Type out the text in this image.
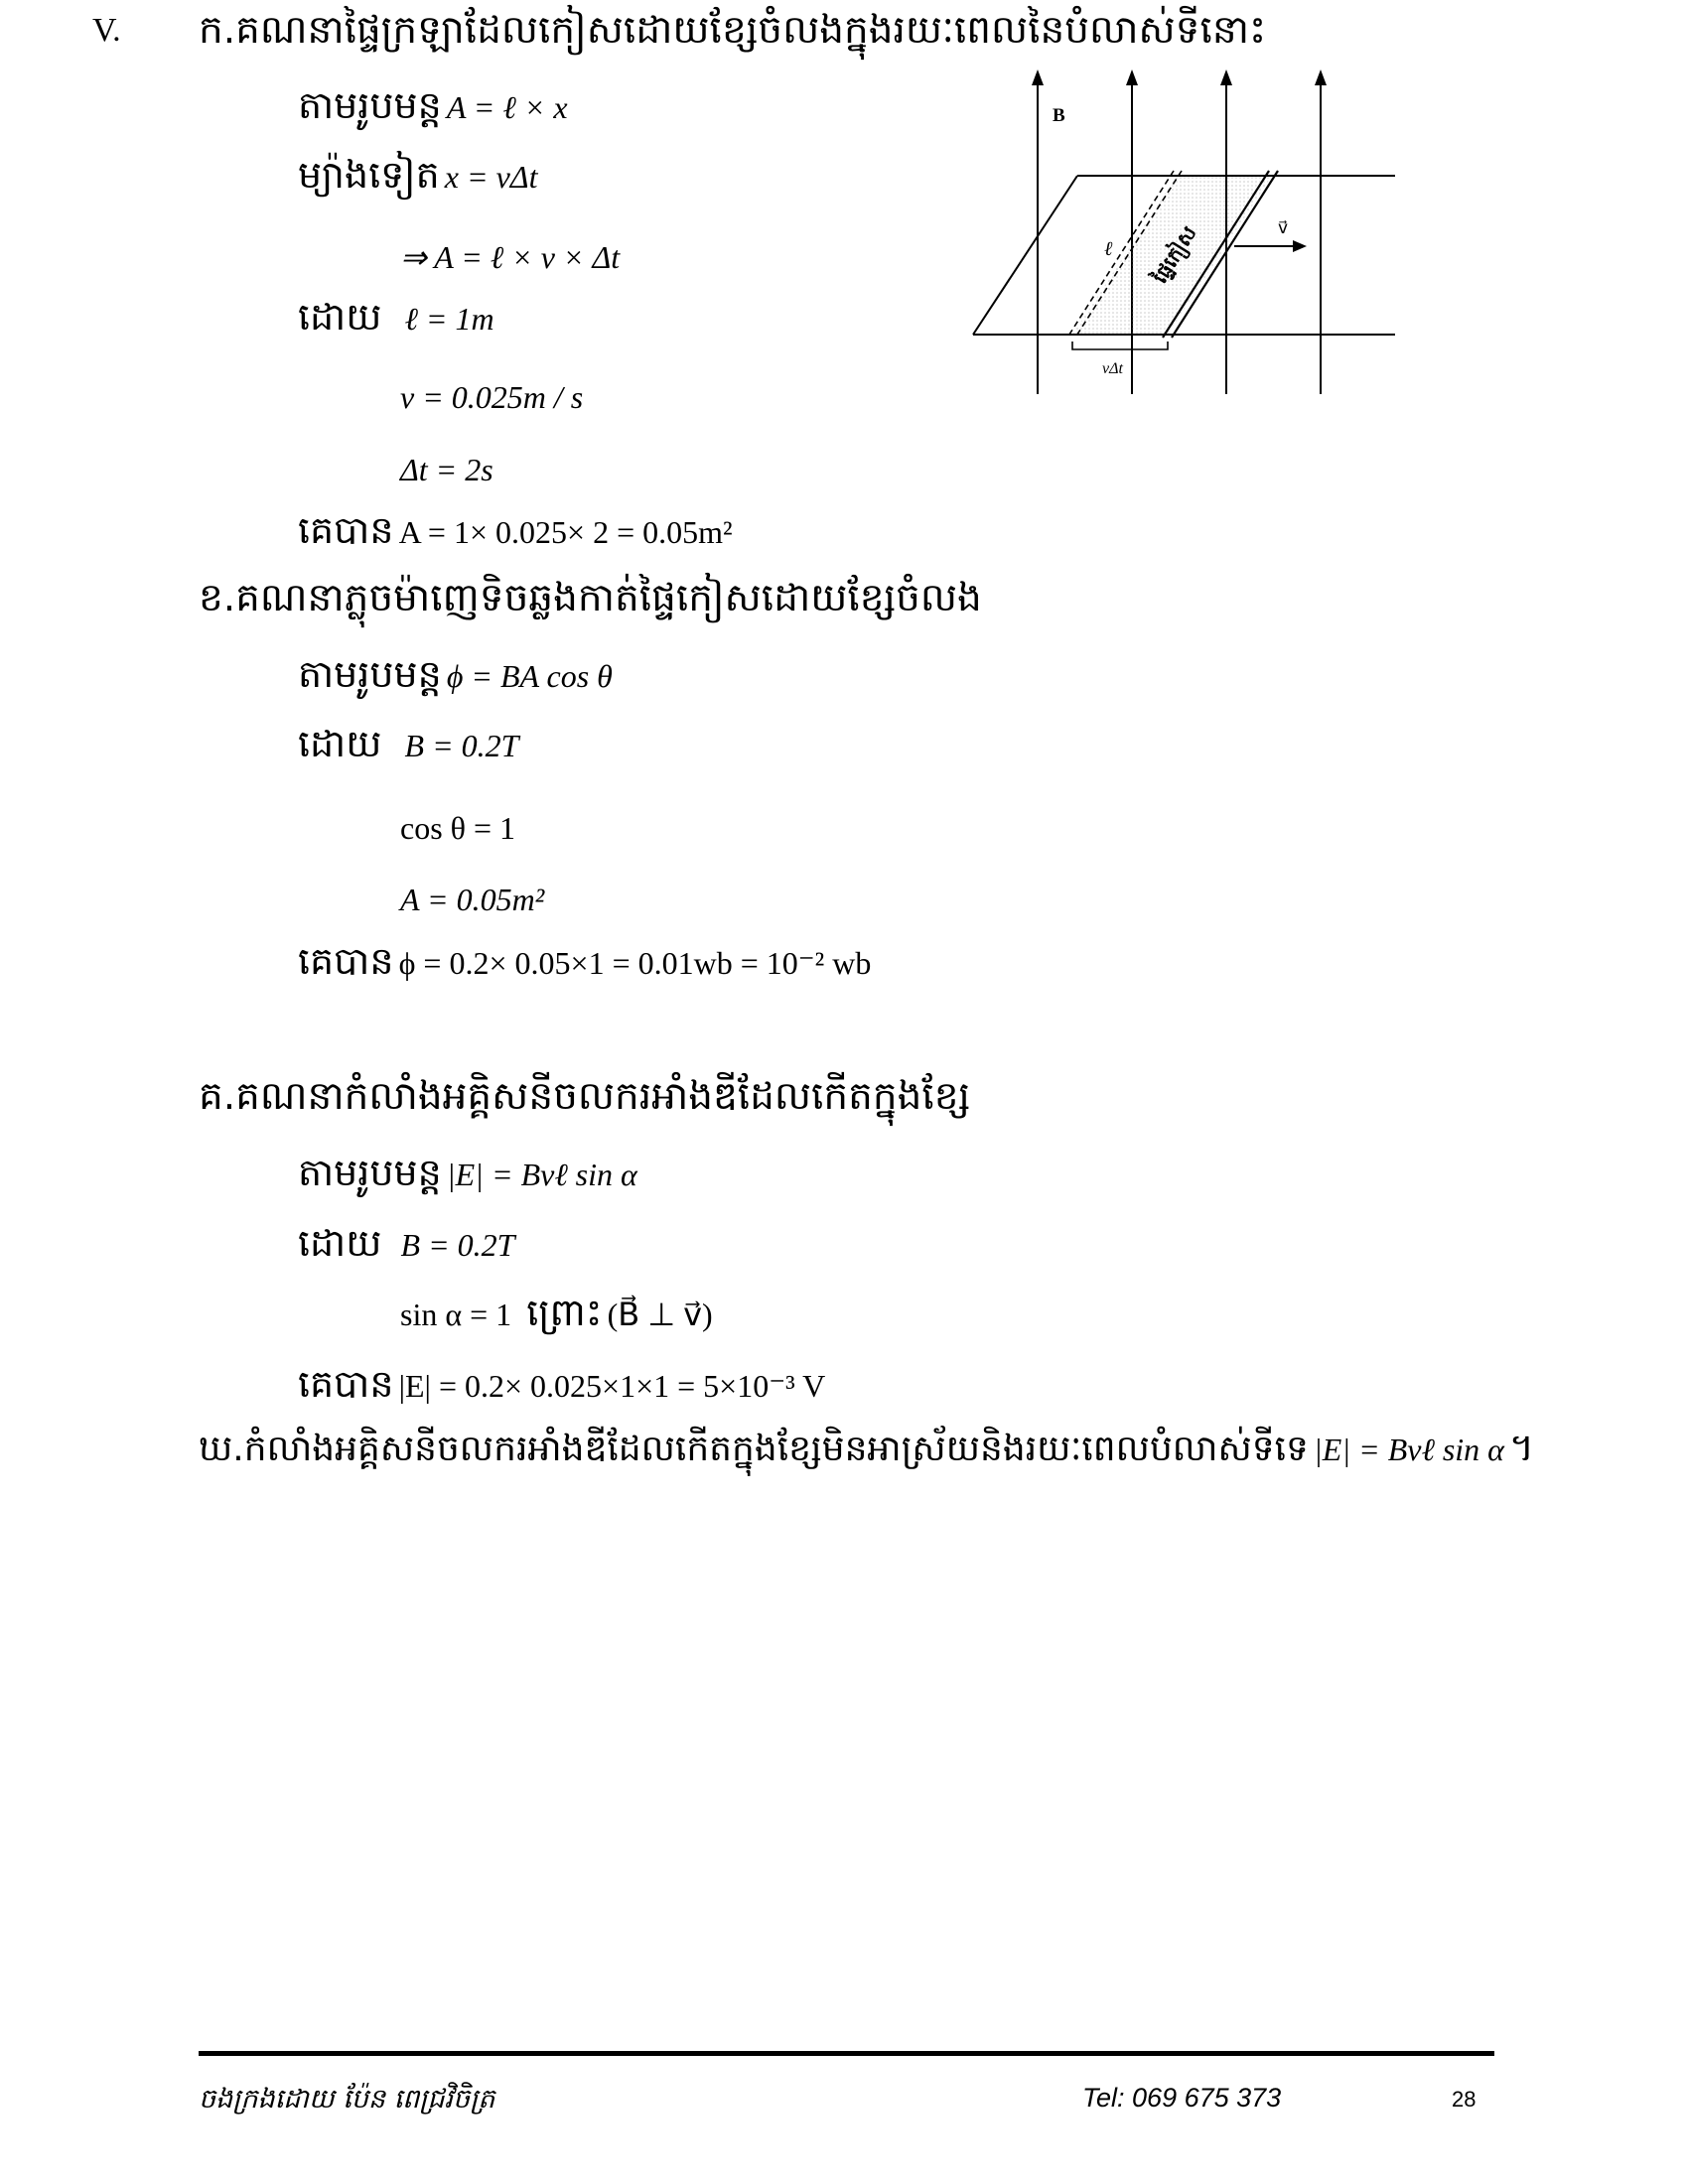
V. ក.គណនាផ្ទៃក្រឡាដែលកៀសដោយខ្សែចំលងក្នុងរយៈពេលនៃបំលាស់ទីនោះ
តាមរូបមន្ត A = ℓ × x
ម្យ៉ាងទៀត x = vΔt
⇒ A = ℓ × v × Δt
ដោយ ℓ = 1m
v = 0.025m / s
Δt = 2s
គេបាន A = 1× 0.025× 2 = 0.05m²
ខ.គណនាភ្លុចម៉ាញេទិចឆ្លងកាត់ផ្ទៃកៀសដោយខ្សែចំលង
តាមរូបមន្ត ϕ = BA cos θ
ដោយ B = 0.2T
cos θ = 1
A = 0.05m²
គេបាន ϕ = 0.2× 0.05×1 = 0.01wb = 10⁻² wb
គ.គណនាកំលាំងអគ្គិសនីចលករអាំងឌីដែលកើតក្នុងខ្សែ
តាមរូបមន្ត |E| = Bvℓ sin α
ដោយ B = 0.2T
sin α = 1 ព្រោះ (B⃗ ⊥ v⃗)
គេបាន |E| = 0.2× 0.025×1×1 = 5×10⁻³ V
ឃ.កំលាំងអគ្គិសនីចលករអាំងឌីដែលកើតក្នុងខ្សែមិនអាស្រ័យនិងរយៈពេលបំលាស់ទីទេ |E| = Bvℓ sin α ។
B⃗
v⃗
ℓ
vΔt
ផ្ទៃកៀស
ចងក្រងដោយ ប៉ែន ពេជ្រវិចិត្រ	Tel: 069 675 373	28
